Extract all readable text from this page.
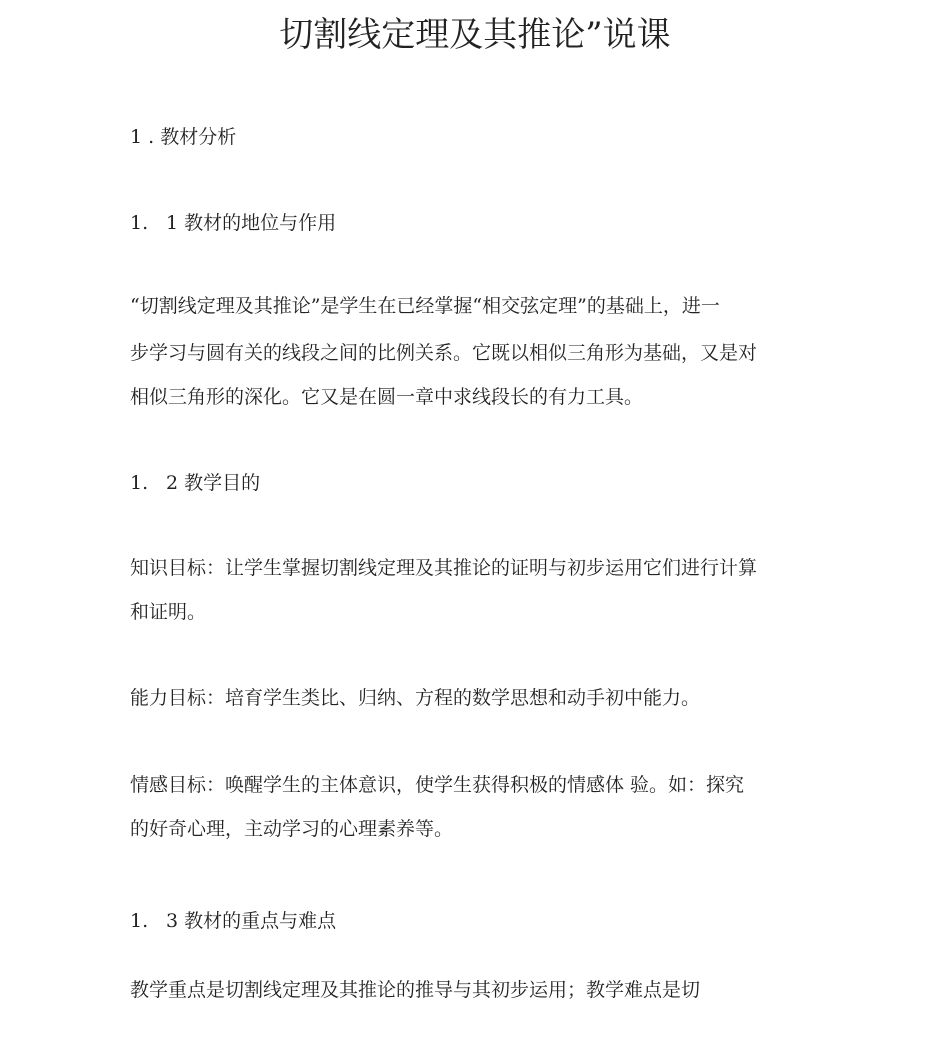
切割线定理及其推论”说课
1 . 教材分析
1. 1 教材的地位与作用
“切割线定理及其推论”是学生在已经掌握“相交弦定理”的基础上，进一
步学习与圆有关的线段之间的比例关系。它既以相似三角形为基础，又是对
相似三角形的深化。它又是在圆一章中求线段长的有力工具。
1. 2 教学目的
知识目标：让学生掌握切割线定理及其推论的证明与初步运用它们进行计算
和证明。
能力目标：培育学生类比、归纳、方程的数学思想和动手初中能力。
情感目标：唤醒学生的主体意识，使学生获得积极的情感体 验。如：探究
的好奇心理，主动学习的心理素养等。
1. 3 教材的重点与难点
教学重点是切割线定理及其推论的推导与其初步运用；教学难点是切
